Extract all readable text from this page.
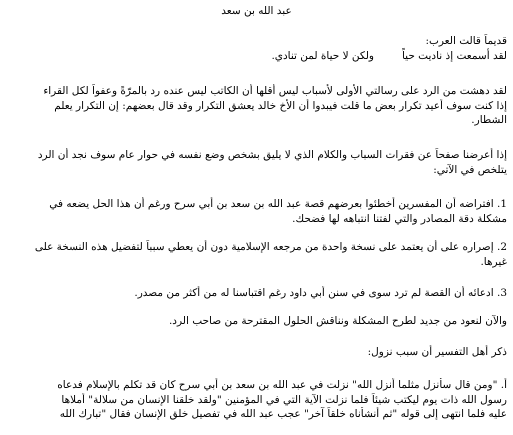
عبد الله بن سعد
قديماً قالت العرب:
لقد أسمعت إذ ناديت حياً
ولكن لا حياة لمن تنادي.
لقد دهشت من الرد على رسالتي الأولى لأسباب ليس أقلها أن الكاتب ليس عنده رد بالمرّةً وعفواً لكل القراء
إذا كنت سوف أعيد تكرار بعض ما قلت فيبدوا أن الأخ خالد يعشق التكرار وقد قال بعضهم: إن التكرار يعلم
الشطار.
إذا أعرضنا صفحاً عن فقرات السباب والكلام الذي لا يليق بشخص وضع نفسه في حوار عام سوف نجد أن الرد
يتلخص في الآتي:
1. افتراضه أن المفسرين أخطئوا بعرضهم قصة عبد الله بن سعد بن أبي سرح ورغم أن هذا الحل يضعه في
مشكلة دقة المصادر والتي لفتنا انتباهه لها فضحك.
2. إصراره على أن يعتمد على نسخة واحدة من مرجعه الإسلامية دون أن يعطي سبباً لتفضيل هذه النسخة على
غيرها.
3. ادعائه أن القصة لم ترد سوى في سنن أبي داود رغم اقتباسنا له من أكثر من مصدر.
والآن لنعود من جديد لطرح المشكلة ونناقش الحلول المقترحة من صاحب الرد.
ذكر أهل التفسير أن سبب نزول:
أ. "ومن قال سأنزل مثلما أنزل الله" نزلت في عبد الله بن سعد بن أبي سرح كان قد تكلم بالإسلام فدعاه
رسول الله ذات يوم ليكتب شيئاً فلما نزلت الآية التي في المؤمنين "ولقد خلقنا الإنسان من سلالة" أملاها
عليه فلما انتهى إلى قوله "ثم أنشأناه خلقاً آخر" عجب عبد الله في تفصيل خلق الإنسان فقال "تبارك الله
